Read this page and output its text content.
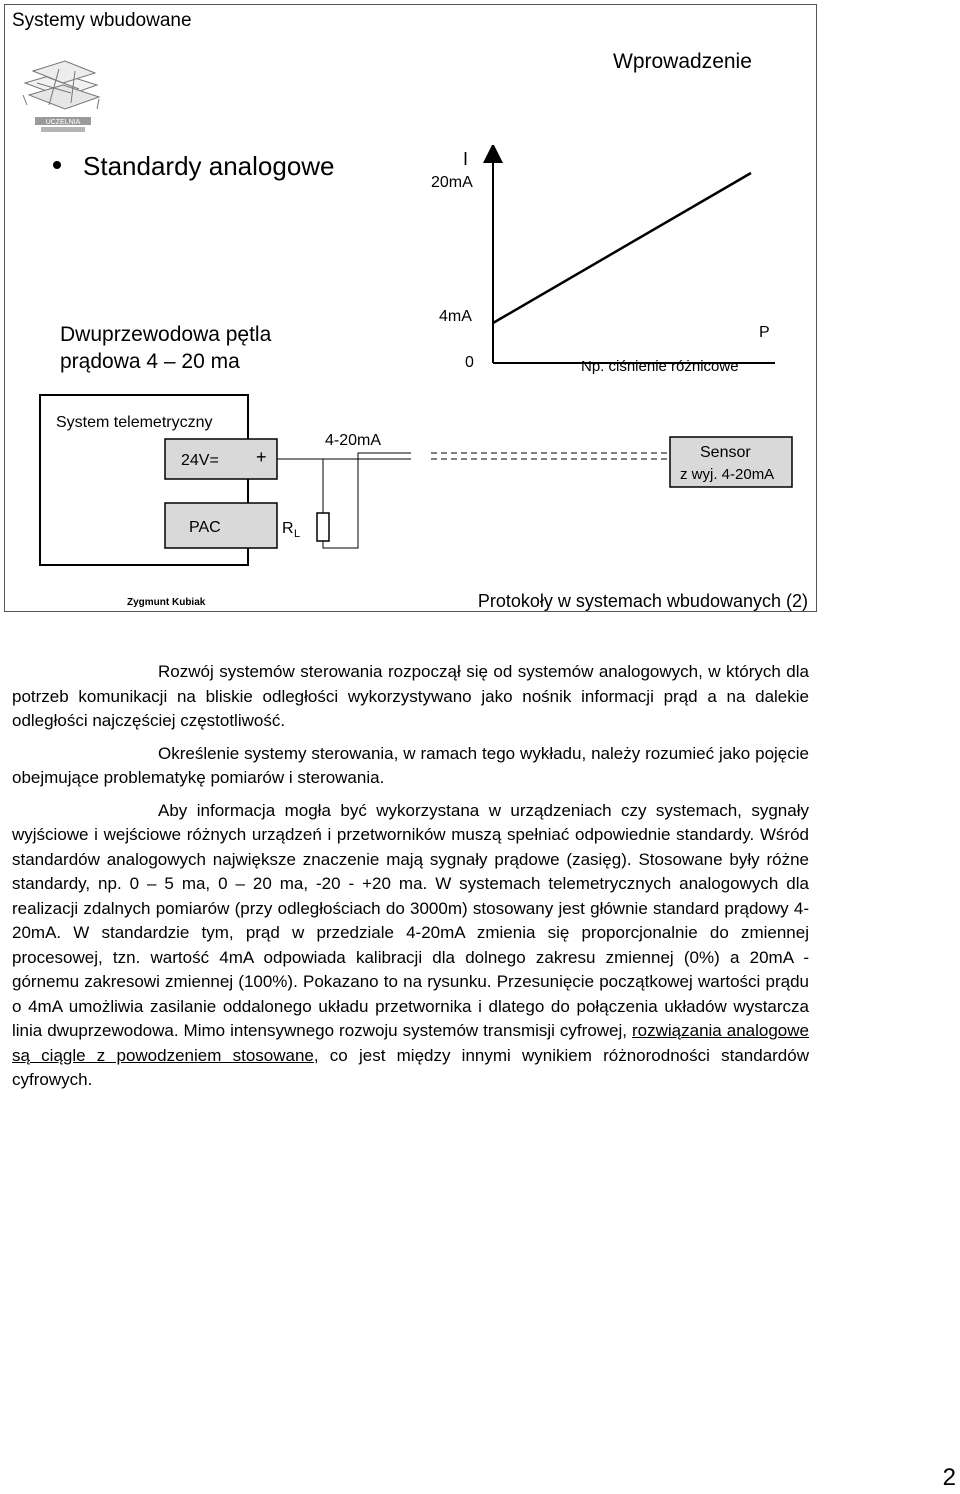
Systemy wbudowane
UCZELNIA
Wprowadzenie
Standardy analogowe
Dwuprzewodowa pętla prądowa 4 – 20 ma
I
20mA
4mA
0
P
Np. ciśnienie różnicowe
System telemetryczny
24V= +
PAC	R L
4-20mA
Sensor
z wyj. 4-20mA
Zygmunt Kubiak	Protokoły w systemach wbudowanych (2)

Rozwój systemów sterowania rozpoczął się od systemów analogowych, w których dla potrzeb komunikacji na bliskie odległości wykorzystywano jako nośnik informacji prąd a na dalekie odległości najczęściej częstotliwość.

Określenie systemy sterowania, w ramach tego wykładu, należy rozumieć jako pojęcie obejmujące problematykę pomiarów i sterowania.

Aby informacja mogła być wykorzystana w urządzeniach czy systemach, sygnały wyjściowe i wejściowe różnych urządzeń i przetworników muszą spełniać odpowiednie standardy. Wśród standardów analogowych największe znaczenie mają sygnały prądowe (zasięg). Stosowane były różne standardy, np. 0 – 5 ma, 0 – 20 ma, -20 - +20 ma. W systemach telemetrycznych analogowych dla realizacji zdalnych pomiarów (przy odległościach do 3000m) stosowany jest głównie standard prądowy 4-20mA. W standardzie tym, prąd w przedziale 4-20mA zmienia się proporcjonalnie do zmiennej procesowej, tzn. wartość 4mA odpowiada kalibracji dla dolnego zakresu zmiennej (0%) a 20mA - górnemu zakresowi zmiennej (100%). Pokazano to na rysunku. Przesunięcie początkowej wartości prądu o 4mA umożliwia zasilanie oddalonego układu przetwornika i dlatego do połączenia układów wystarcza linia dwuprzewodowa. Mimo intensywnego rozwoju systemów transmisji cyfrowej, rozwiązania analogowe są ciągle z powodzeniem stosowane, co jest między innymi wynikiem różnorodności standardów cyfrowych.

2
